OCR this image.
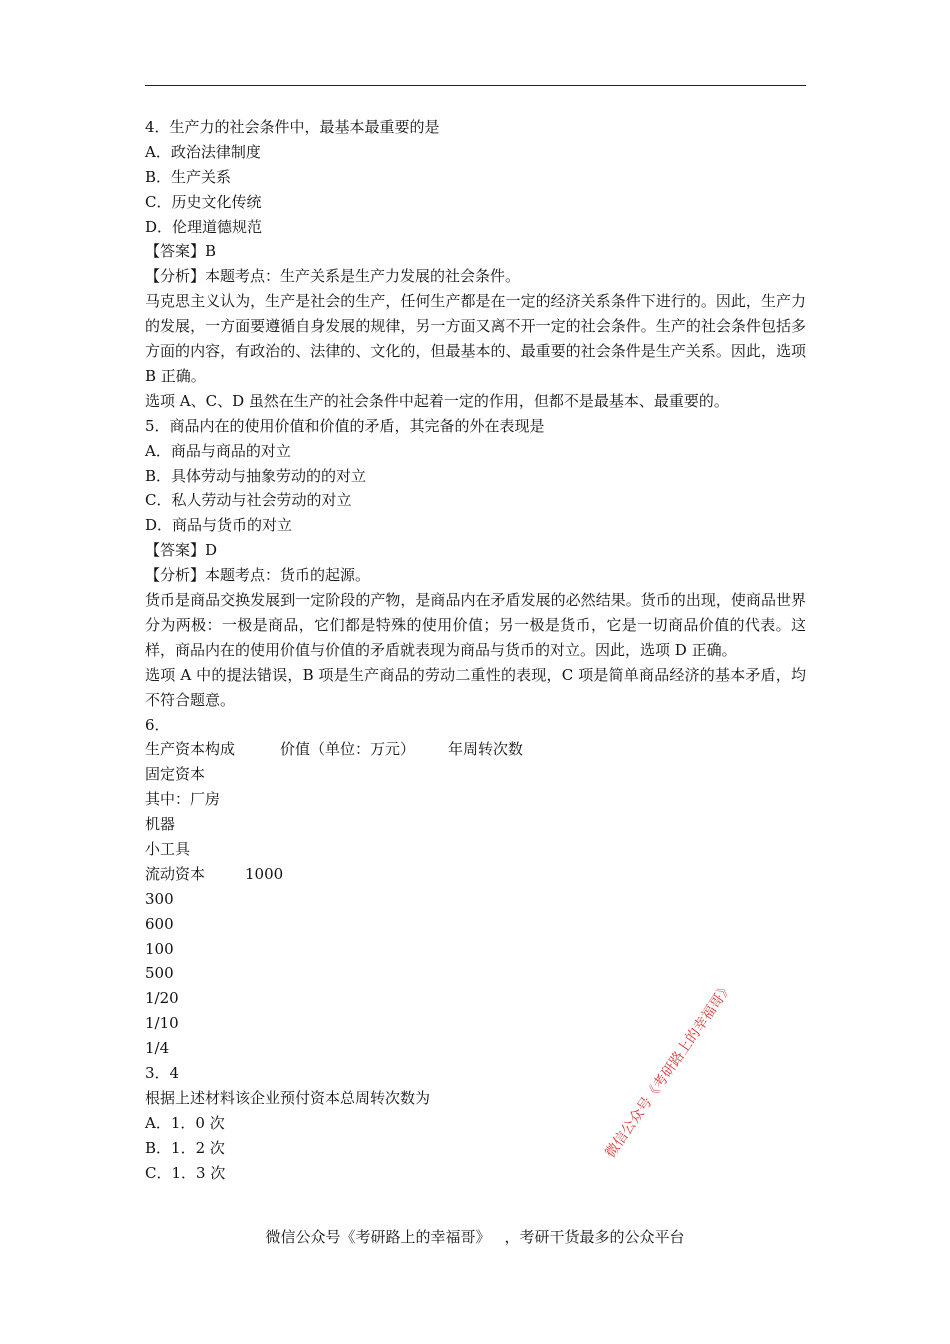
4．生产力的社会条件中，最基本最重要的是
A．政治法律制度
B．生产关系
C．历史文化传统
D．伦理道德规范
【答案】B
【分析】本题考点：生产关系是生产力发展的社会条件。
马克思主义认为，生产是社会的生产，任何生产都是在一定的经济关系条件下进行的。因此，生产力的发展，一方面要遵循自身发展的规律，另一方面又离不开一定的社会条件。生产的社会条件包括多方面的内容，有政治的、法律的、文化的，但最基本的、最重要的社会条件是生产关系。因此，选项 B 正确。
选项 A、C、D 虽然在生产的社会条件中起着一定的作用，但都不是最基本、最重要的。
5．商品内在的使用价值和价值的矛盾，其完备的外在表现是
A．商品与商品的对立
B．具体劳动与抽象劳动的的对立
C．私人劳动与社会劳动的对立
D．商品与货币的对立
【答案】D
【分析】本题考点：货币的起源。
货币是商品交换发展到一定阶段的产物，是商品内在矛盾发展的必然结果。货币的出现，使商品世界分为两极：一极是商品，它们都是特殊的使用价值；另一极是货币，它是一切商品价值的代表。这样，商品内在的使用价值与价值的矛盾就表现为商品与货币的对立。因此，选项 D 正确。
选项 A 中的提法错误，B 项是生产商品的劳动二重性的表现，C 项是简单商品经济的基本矛盾，均不符合题意。
6．
生产资本构成	价值（单位：万元） 年周转次数
固定资本
其中：厂房
机器
小工具
流动资本	1000
300
600
100
500
1/20
1/10
1/4
3．4
根据上述材料该企业预付资本总周转次数为
A．1．0 次
B．1．2 次
C．1．3 次
微信公众号《考研路上的幸福哥》
微信公众号《考研路上的幸福哥》 ，考研干货最多的公众平台
